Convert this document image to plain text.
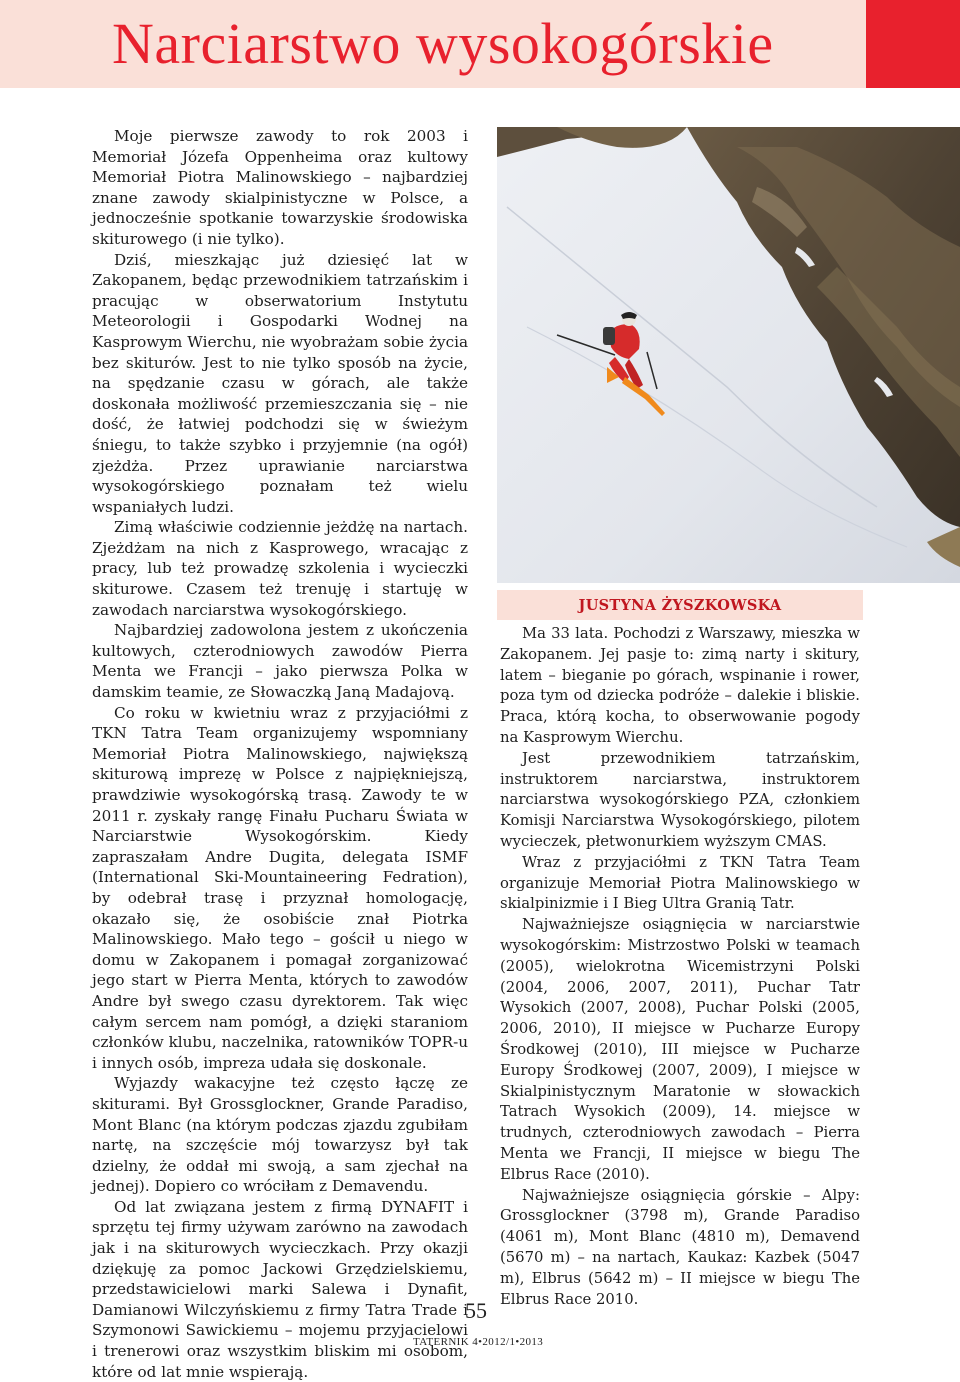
Narciarstwo wysokogórskie

Moje pierwsze zawody to rok 2003 i Memoriał Józefa Oppenheima oraz kultowy Memoriał Piotra Malinowskiego – najbardziej znane zawody skialpinistyczne w Polsce, a jednocześnie spotkanie towarzyskie środowiska skiturowego (i nie tylko).

Dziś, mieszkając już dziesięć lat w Zakopanem, będąc przewodnikiem tatrzańskim i pracując w obserwatorium Instytutu Meteorologii i Gospodarki Wodnej na Kasprowym Wierchu, nie wyobrażam sobie życia bez skiturów. Jest to nie tylko sposób na życie, na spędzanie czasu w górach, ale także doskonała możliwość przemieszczania się – nie dość, że łatwiej podchodzi się w świeżym śniegu, to także szybko i przyjemnie (na ogół) zjeżdża. Przez uprawianie narciarstwa wysokogórskiego poznałam też wielu wspaniałych ludzi.

Zimą właściwie codziennie jeżdżę na nartach. Zjeżdżam na nich z Kasprowego, wracając z pracy, lub też prowadzę szkolenia i wycieczki skiturowe. Czasem też trenuję i startuję w zawodach narciarstwa wysokogórskiego.

Najbardziej zadowolona jestem z ukończenia kultowych, czterodniowych zawodów Pierra Menta we Francji – jako pierwsza Polka w damskim teamie, ze Słowaczką Janą Madajovą.

Co roku w kwietniu wraz z przyjaciółmi z TKN Tatra Team organizujemy wspomniany Memoriał Piotra Malinowskiego, największą skiturową imprezę w Polsce z najpiękniejszą, prawdziwie wysokogórską trasą. Zawody te w 2011 r. zyskały rangę Finału Pucharu Świata w Narciarstwie Wysokogórskim. Kiedy zapraszałam Andre Dugita, delegata ISMF (International Ski-Mountaineering Fedration), by odebrał trasę i przyznał homologację, okazało się, że osobiście znał Piotrka Malinowskiego. Mało tego – gościł u niego w domu w Zakopanem i pomagał zorganizować jego start w Pierra Menta, których to zawodów Andre był swego czasu dyrektorem. Tak więc całym sercem nam pomógł, a dzięki staraniom członków klubu, naczelnika, ratowników TOPR-u i innych osób, impreza udała się doskonale.

Wyjazdy wakacyjne też często łączę ze skiturami. Był Grossglockner, Grande Paradiso, Mont Blanc (na którym podczas zjazdu zgubiłam nartę, na szczęście mój towarzysz był tak dzielny, że oddał mi swoją, a sam zjechał na jednej). Dopiero co wróciłam z Demavendu.

Od lat związana jestem z firmą DYNAFIT i sprzętu tej firmy używam zarówno na zawodach jak i na skiturowych wycieczkach. Przy okazji dziękuję za pomoc Jackowi Grzędzielskiemu, przedstawicielowi marki Salewa i Dynafit, Damianowi Wilczyńskiemu z firmy Tatra Trade i Szymonowi Sawickiemu – mojemu przyjacielowi i trenerowi oraz wszystkim bliskim mi osobom, które od lat mnie wspierają.

JUSTYNA ŻYSZKOWSKA

Ma 33 lata. Pochodzi z Warszawy, mieszka w Zakopanem. Jej pasje to: zimą narty i skitury, latem – bieganie po górach, wspinanie i rower, poza tym od dziecka podróże – dalekie i bliskie. Praca, którą kocha, to obserwowanie pogody na Kasprowym Wierchu.

Jest przewodnikiem tatrzańskim, instruktorem narciarstwa, instruktorem narciarstwa wysokogórskiego PZA, członkiem Komisji Narciarstwa Wysokogórskiego, pilotem wycieczek, płetwonurkiem wyższym CMAS.

Wraz z przyjaciółmi z TKN Tatra Team organizuje Memoriał Piotra Malinowskiego w skialpinizmie i I Bieg Ultra Granią Tatr.

Najważniejsze osiągnięcia w narciarstwie wysokogórskim: Mistrzostwo Polski w teamach (2005), wielokrotna Wicemistrzyni Polski (2004, 2006, 2007, 2011), Puchar Tatr Wysokich (2007, 2008), Puchar Polski (2005, 2006, 2010), II miejsce w Pucharze Europy Środkowej (2010), III miejsce w Pucharze Europy Środkowej (2007, 2009), I miejsce w Skialpinistycznym Maratonie w słowackich Tatrach Wysokich (2009), 14. miejsce w trudnych, czterodniowych zawodach – Pierra Menta we Francji, II miejsce w biegu The Elbrus Race (2010).

Najważniejsze osiągnięcia górskie – Alpy: Grossglockner (3798 m), Grande Paradiso (4061 m), Mont Blanc (4810 m), Demavend (5670 m) – na nartach, Kaukaz: Kazbek (5047 m), Elbrus (5642 m) – II miejsce w biegu The Elbrus Race 2010.

55
TATERNIK 4•2012/1•2013
